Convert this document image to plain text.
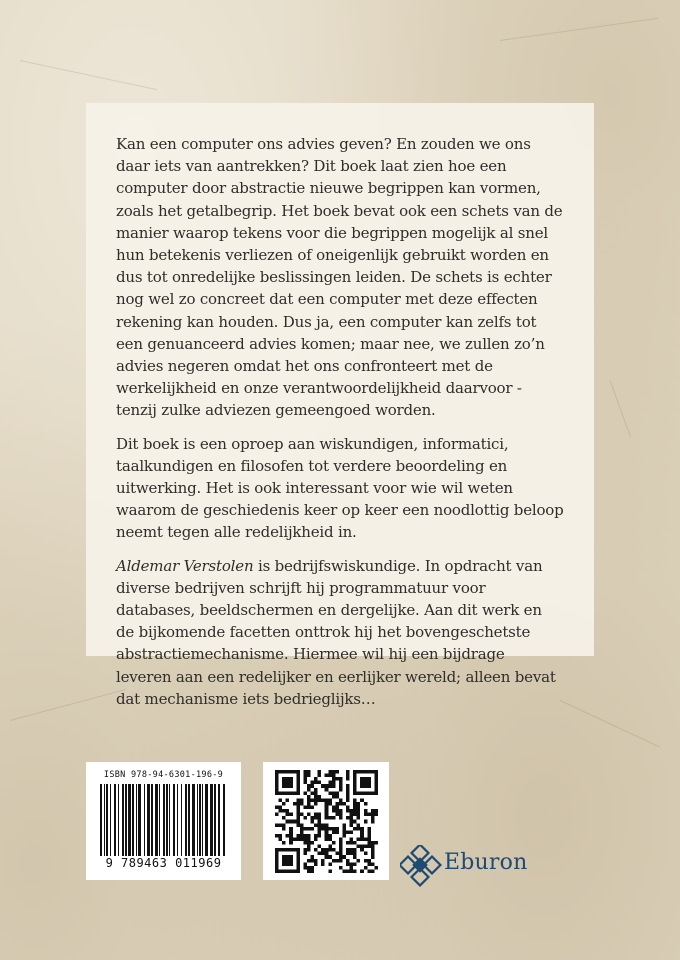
Kan een computer ons advies geven? En zouden we ons daar iets van aantrekken? Dit boek laat zien hoe een computer door abstractie nieuwe begrippen kan vormen, zoals het getalbegrip. Het boek bevat ook een schets van de manier waarop tekens voor die begrippen mogelijk al snel hun betekenis verliezen of oneigenlijk gebruikt worden en dus tot onredelijke beslissingen leiden. De schets is echter nog wel zo concreet dat een computer met deze effecten rekening kan houden. Dus ja, een computer kan zelfs tot een genuanceerd advies komen; maar nee, we zullen zo’n advies negeren omdat het ons confronteert met de werkelijkheid en onze verantwoordelijkheid daarvoor - tenzij zulke adviezen gemeengoed worden.

Dit boek is een oproep aan wiskundigen, informatici, taalkundigen en filosofen tot verdere beoordeling en uitwerking. Het is ook interessant voor wie wil weten waarom de geschiedenis keer op keer een noodlottig beloop neemt tegen alle redelijkheid in.

Aldemar Verstolen is bedrijfswiskundige. In opdracht van diverse bedrijven schrijft hij programmatuur voor databases, beeldschermen en dergelijke. Aan dit werk en de bijkomende facetten onttrok hij het bovengeschetste abstractiemechanisme. Hiermee wil hij een bijdrage leveren aan een redelijker en eerlijker wereld; alleen bevat dat mechanisme iets bedrieglijks…

ISBN 978-94-6301-196-9
9 789463 011969	Eburon
